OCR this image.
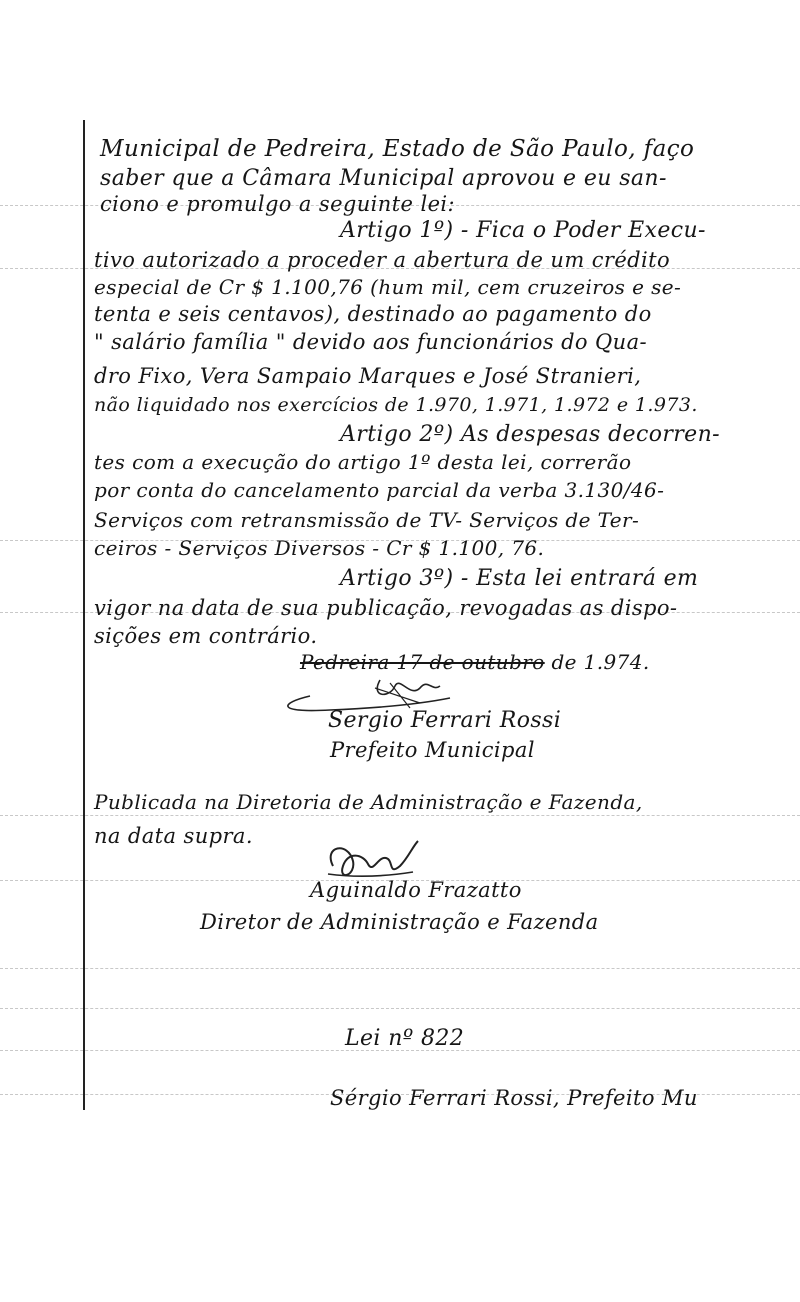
Municipal de Pedreira, Estado de São Paulo, faço
saber que a Câmara Municipal aprovou e eu san-
ciono e promulgo a seguinte lei:
Artigo 1º) - Fica o Poder Execu-
tivo autorizado a proceder a abertura de um crédito
especial de Cr $ 1.100,76 (hum mil, cem cruzeiros e se-
tenta e seis centavos), destinado ao pagamento do
" salário família " devido aos funcionários do Qua-
dro Fixo, Vera Sampaio Marques e José Stranieri,
não liquidado nos exercícios de 1.970, 1.971, 1.972 e 1.973.
Artigo 2º) As despesas decorren-
tes com a execução do artigo 1º desta lei, correrão
por conta do cancelamento parcial da verba 3.130/46-
Serviços com retransmissão de TV- Serviços de Ter-
ceiros - Serviços Diversos - Cr $ 1.100, 76.
Artigo 3º) - Esta lei entrará em
vigor na data de sua publicação, revogadas as dispo-
sições em contrário.
Pedreira 17 de outubro de 1.974.
Sergio Ferrari Rossi
Prefeito Municipal
Publicada na Diretoria de Administração e Fazenda,
na data supra.
Aguinaldo Frazatto
Diretor de Administração e Fazenda
Lei nº 822
Sérgio Ferrari Rossi, Prefeito Mu
